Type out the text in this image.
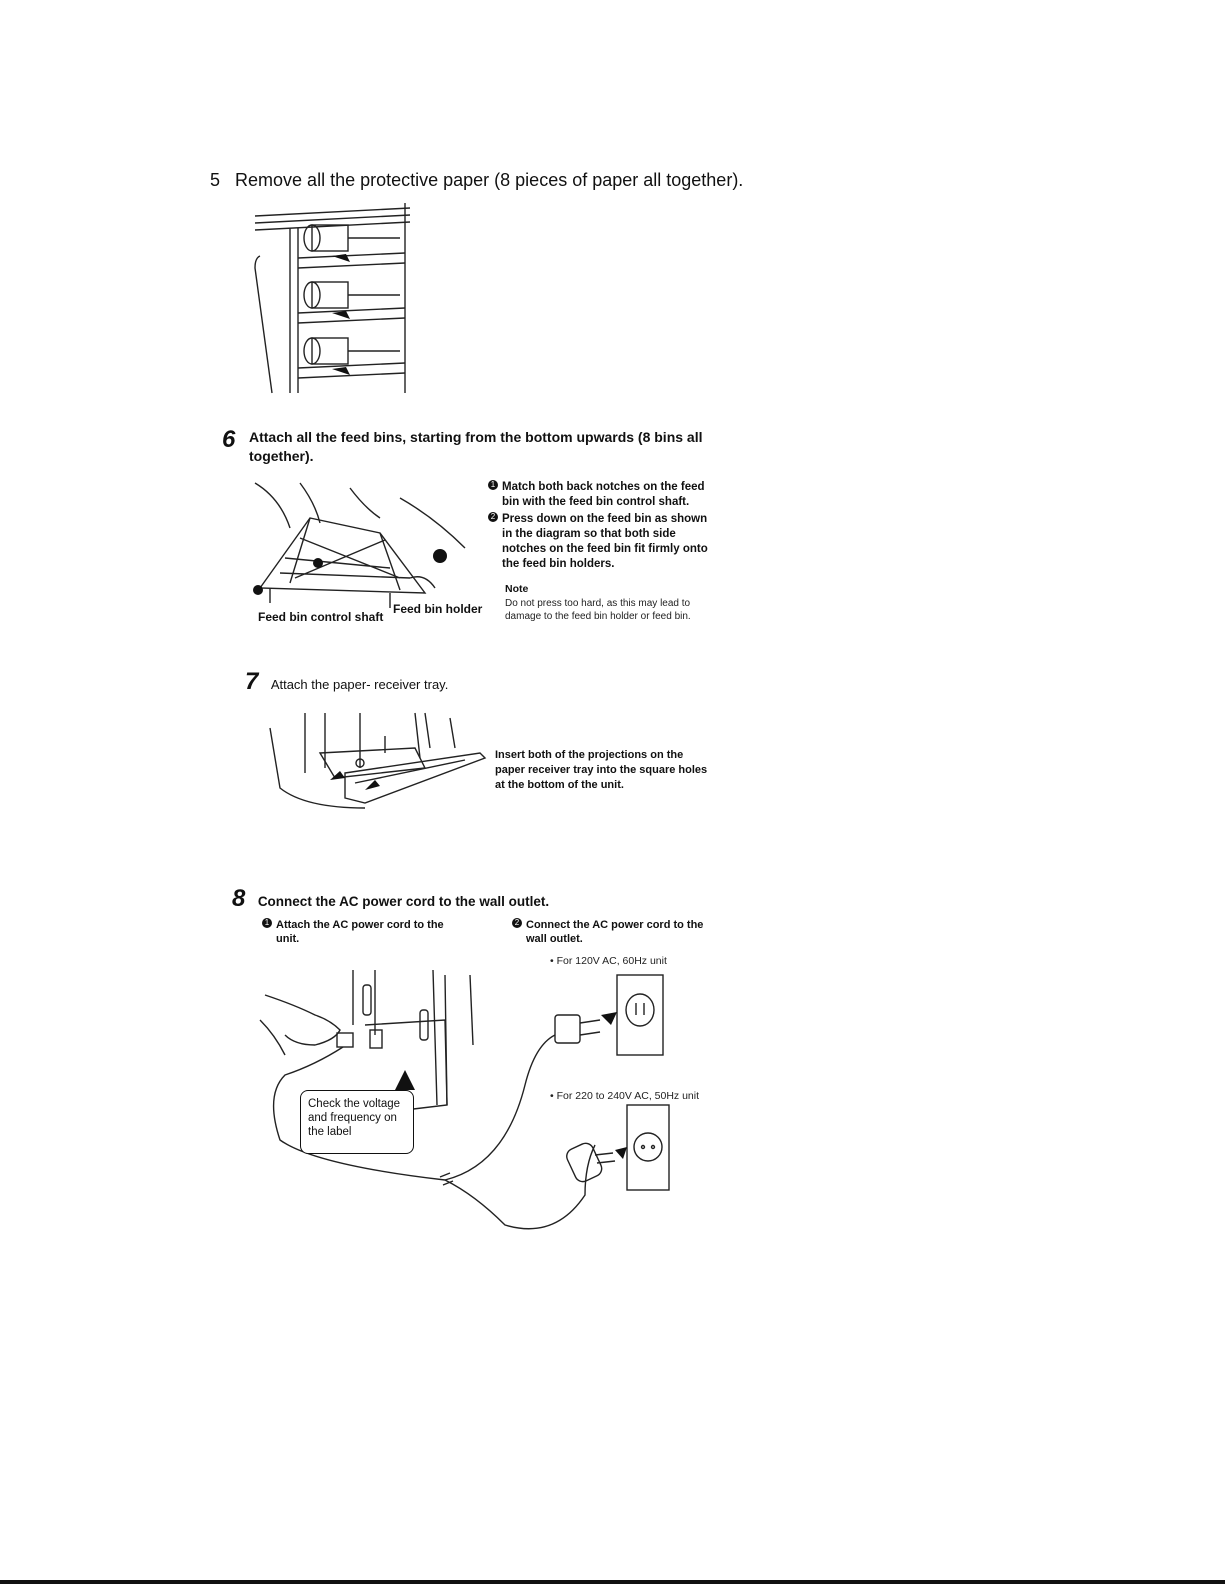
5 Remove all the protective paper (8 pieces of paper all together).
6 Attach all the feed bins, starting from the bottom upwards (8 bins all
together).
Feed bin control shaft
Feed bin holder
1 Match both back notches on the feed
bin with the feed bin control shaft.
2 Press down on the feed bin as shown
in the diagram so that both side
notches on the feed bin fit firmly onto
the feed bin holders.
Note
Do not press too hard, as this may lead to
damage to the feed bin holder or feed bin.
7 Attach the paper- receiver tray.
Insert both of the projections on the
paper receiver tray into the square holes
at the bottom of the unit.
8 Connect the AC power cord to the wall outlet.
1 Attach the AC power cord to the
unit.
2 Connect the AC power cord to the
wall outlet.
• For 120V AC, 60Hz unit
• For 220 to 240V AC, 50Hz unit
Check the voltage
and frequency on
the label
